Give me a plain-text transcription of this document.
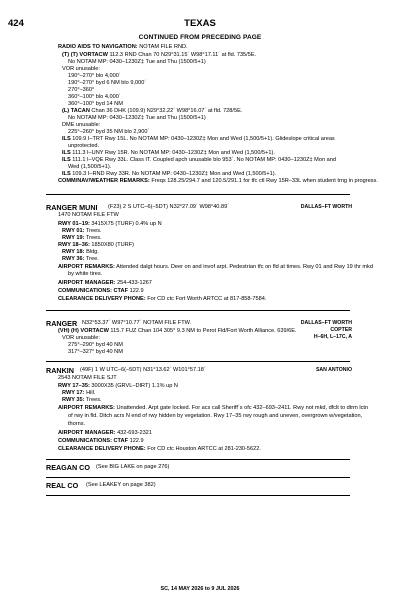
424	TEXAS
CONTINUED FROM PRECEDING PAGE
RADIO AIDS TO NAVIGATION: NOTAM FILE RND.
(T) (T) VORTACW 112.3 RND Chan 70 N29°31.15´ W98°17.11´ at fld. 735/5E.
No NOTAM MP: 0430–1230Z‡ Tue and Thu (1500/5+1)
VOR unusable:
190°–270° blo 4,000´
190°–270° byd 6 NM blo 9,000´
270°–360°
360°–100° blo 4,000´
360°–100° byd 14 NM
(L) TACAN Chan 36 DHK (109.9) N29°32.22´ W98°16.07´ at fld. 728/5E.
No NOTAM MP: 0430–1230Z‡ Tue and Thu (1500/5+1)
DME unusable:
225°–260° byd 35 NM blo 2,900´
ILS 109.9 I–TRT Rwy 15L. No NOTAM MP: 0430–1230Z‡ Mon and Wed (1,500/5+1). Glideslope critical areas
unprotected.
ILS 111.3 I–UNY Rwy 15R. No NOTAM MP: 0430–1230Z‡ Mon and Wed (1,500/5+1).
ILS 111.1 I–VQE Rwy 33L. Class IT. Coupled apch unusable blo 953´. No NOTAM MP: 0430–1230Z‡ Mon and
Wed (1,500/5+1).
ILS 109.3 I–RND Rwy 33R. No NOTAM MP: 0430–1230Z‡ Mon and Wed (1,500/5+1).
COMM/NAV/WEATHER REMARKS: Freqs 128.25/294.7 and 120.5/291.1 for tfc ctl Rwy 15R–33L when student trng in progress.
RANGER MUNI (F23) 2 S UTC–6(–5DT) N32°27.09´ W98°40.89´
1470 NOTAM FILE FTW
DALLAS–FT WORTH
RWY 01–19: 3415X75 (TURF) 0.4% up N
RWY 01: Trees.
RWY 19: Trees.
RWY 18–36: 1850X80 (TURF)
RWY 18: Bldg.
RWY 36: Tree.
AIRPORT REMARKS: Attended dalgt hours. Deer on and invof arpt. Pedestrian tfc on fld at times. Rwy 01 and Rwy 19 thr mkd
by white tires.
AIRPORT MANAGER: 254-433-1267
COMMUNICATIONS: CTAF 122.9
CLEARANCE DELIVERY PHONE: For CD ctc Fort Worth ARTCC at 817-858-7584.
RANGER N32°53.37´ W97°10.77´ NOTAM FILE FTW.	DALLAS–FT WORTH
COPTER
H–6H, L–17C, A
(VH) (H) VORTACW 115.7 FUZ Chan 104 305° 9.3 NM to Perot Fld/Fort Worth Alliance. 639/6E.
VOR unusable:
275°–290° byd 40 NM
317°–327° byd 40 NM
RANKIN (49F) 1 W UTC–6(–5DT) N31°13.62´ W101°57.18´
2543 NOTAM FILE SJT
SAN ANTONIO
RWY 17–35: 3000X35 (GRVL–DIRT) 1.1% up N
RWY 17: Hill.
RWY 35: Trees.
AIRPORT REMARKS: Unattended. Arpt gate locked. For acs call Sheriff´s ofc 432–693–2411. Rwy not mkd, dfclt to dtrm lctn
of rwy in fld. Ditch acrs N end of rwy hidden by vegetation. Rwy 17–35 rwy rough and uneven, overgrown w/vegetation,
thorns.
AIRPORT MANAGER: 432-693-2321
COMMUNICATIONS: CTAF 122.9
CLEARANCE DELIVERY PHONE: For CD ctc Houston ARTCC at 281-230-5622.
REAGAN CO (See BIG LAKE on page 276)
REAL CO (See LEAKEY on page 382)
SC, 14 MAY 2026 to 9 JUL 2026
